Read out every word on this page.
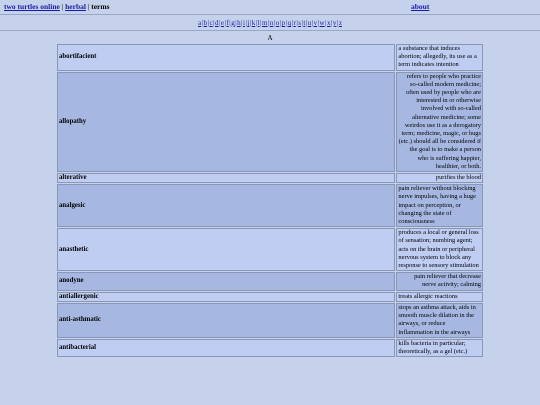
two turtles online | herbal | terms	about
a|b|c|d|e|f|g|h|i|j|k|l|m|n|o|p|q|r|s|t|u|v|w|x|y|z
A
abortifacient	a substance that induces abortion; allegedly, its use as a term indicates intention
allopathy	refers to people who practice so-called modern medicine; often used by people who are interested in or otherwise involved with so-called alternative medicine; some weirdos use it as a derogatory term; medicine, magic, or hugs (etc.) should all be considered if the goal is to make a person who is suffering happier, healthier, or both.
alterative	purifies the blood
analgesic	pain reliever without blocking nerve impulses, having a huge impact on perception, or changing the state of consciousness
anasthetic	produces a local or general loss of sensation; numbing agent; acts on the brain or peripheral nervous system to block any response to sensory stimulation
anodyne	pain reliever that decrease nerve activity; calming
antiallergenic	treats allergic reactions
anti-asthmatic	stops an asthma attack, aids in smooth muscle dilation in the airways, or reduce inflammation in the airways
antibacterial	kills bacteria in particular; theoretically, as a gel (etc.)
